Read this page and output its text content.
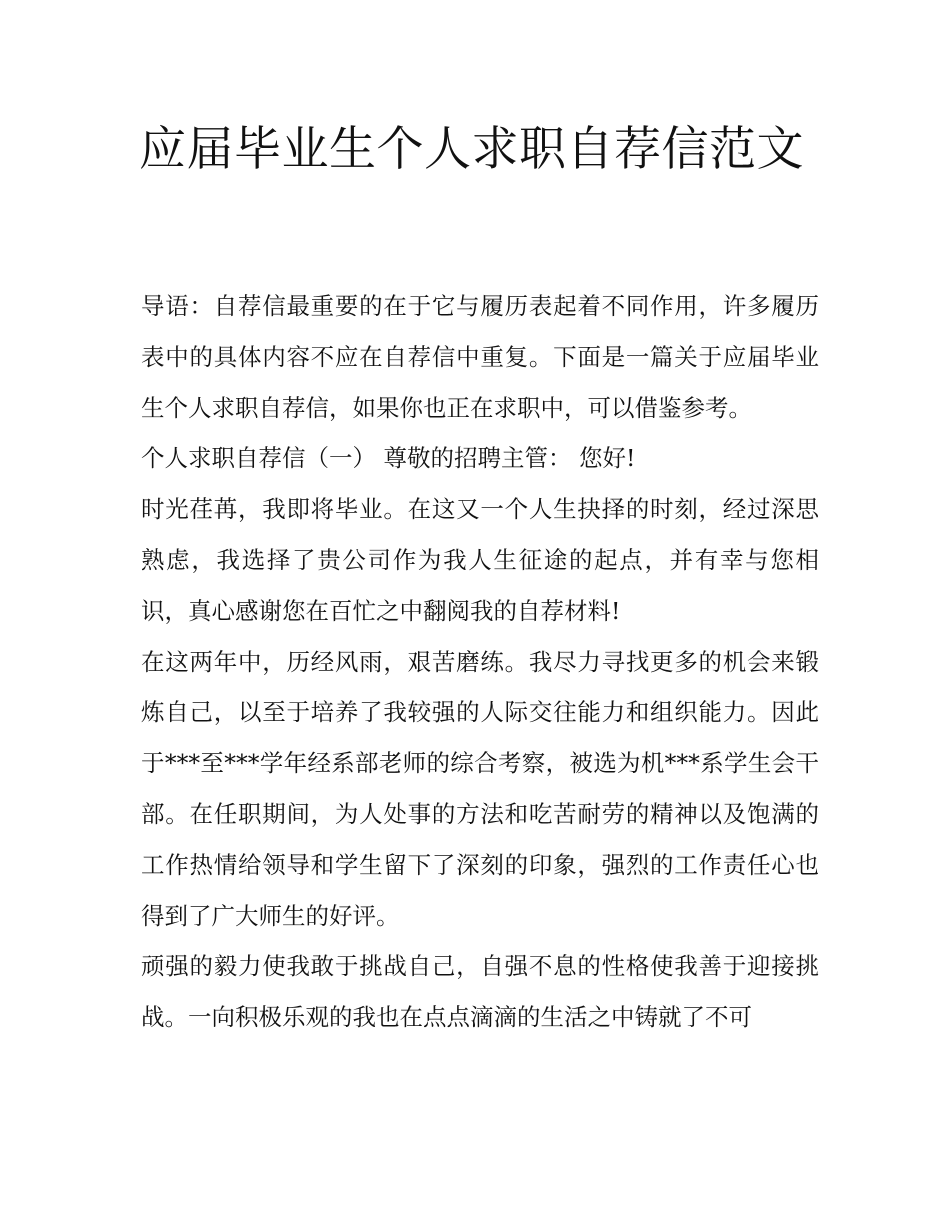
应届毕业生个人求职自荐信范文

导语：自荐信最重要的在于它与履历表起着不同作用，许多履历表中的具体内容不应在自荐信中重复。下面是一篇关于应届毕业生个人求职自荐信，如果你也正在求职中，可以借鉴参考。

个人求职自荐信（一） 尊敬的招聘主管： 您好!

时光荏苒，我即将毕业。在这又一个人生抉择的时刻，经过深思熟虑，我选择了贵公司作为我人生征途的起点，并有幸与您相识，真心感谢您在百忙之中翻阅我的自荐材料!

在这两年中，历经风雨，艰苦磨练。我尽力寻找更多的机会来锻炼自己，以至于培养了我较强的人际交往能力和组织能力。因此于***至***学年经系部老师的综合考察，被选为机***系学生会干部。在任职期间，为人处事的方法和吃苦耐劳的精神以及饱满的工作热情给领导和学生留下了深刻的印象，强烈的工作责任心也得到了广大师生的好评。

顽强的毅力使我敢于挑战自己，自强不息的性格使我善于迎接挑战。一向积极乐观的我也在点点滴滴的生活之中铸就了不可
